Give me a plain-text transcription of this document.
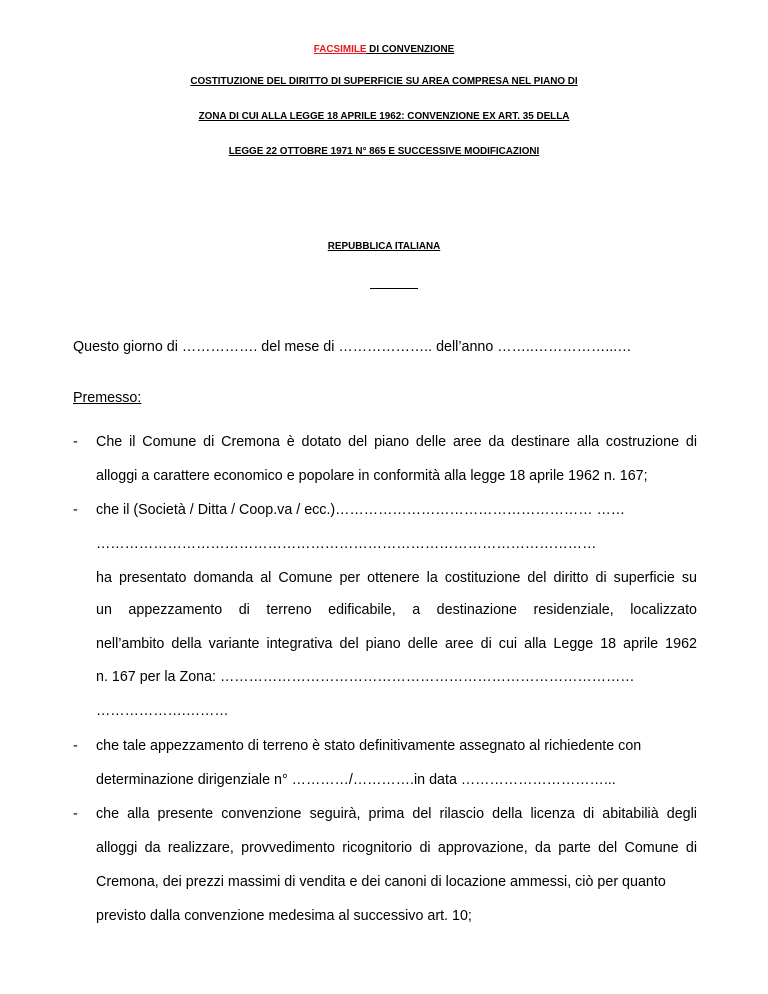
FACSIMILE DI CONVENZIONE
COSTITUZIONE DEL DIRITTO DI SUPERFICIE SU AREA COMPRESA NEL PIANO DI
ZONA DI CUI ALLA LEGGE 18 APRILE 1962: CONVENZIONE EX ART. 35 DELLA
LEGGE 22 OTTOBRE 1971 N° 865 E SUCCESSIVE MODIFICAZIONI
REPUBBLICA ITALIANA
Questo giorno di ……………. del mese di ……………….. dell’anno ……..……………...…
Premesso:
- Che il Comune di Cremona è dotato del piano delle aree da destinare alla costruzione di
alloggi a carattere economico e popolare in conformità alla legge 18 aprile 1962 n. 167;
- che il (Società / Ditta / Coop.va / ecc.)……………………………………………… ……
……………………………………………………………………………………………
ha presentato domanda al Comune per ottenere la costituzione del diritto di superficie su
un appezzamento di terreno edificabile, a destinazione residenziale, localizzato
nell’ambito della variante integrativa del piano delle aree di cui alla Legge 18 aprile 1962
n. 167 per la Zona: ……………………………………………………………………………
……………….………
- che tale appezzamento di terreno è stato definitivamente assegnato al richiedente con
determinazione dirigenziale n° …………/………….in data …………………………...
- che alla presente convenzione seguirà, prima del rilascio della licenza di abitabilià degli
alloggi da realizzare, provvedimento ricognitorio di approvazione, da parte del Comune di
Cremona, dei prezzi massimi di vendita e dei canoni di locazione ammessi, ciò per quanto
previsto dalla convenzione medesima al successivo art. 10;
